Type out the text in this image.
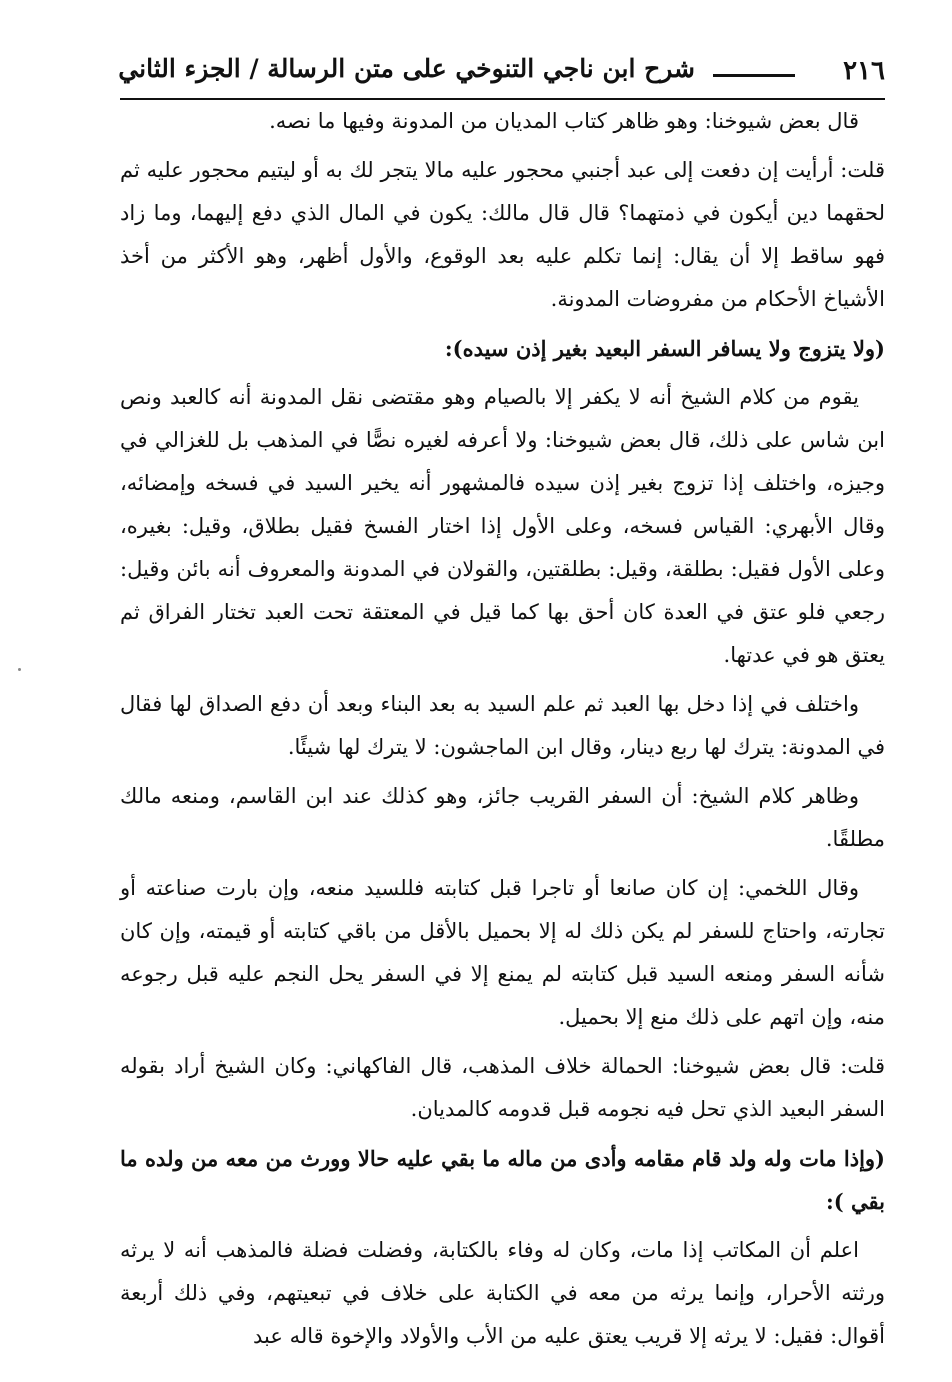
٢١٦
شرح ابن ناجي التنوخي على متن الرسالة / الجزء الثاني

قال بعض شيوخنا: وهو ظاهر كتاب المديان من المدونة وفيها ما نصه.

قلت: أرأيت إن دفعت إلى عبد أجنبي محجور عليه مالا يتجر لك به أو ليتيم محجور عليه ثم لحقهما دين أيكون في ذمتهما؟ قال قال مالك: يكون في المال الذي دفع إليهما، وما زاد فهو ساقط إلا أن يقال: إنما تكلم عليه بعد الوقوع، والأول أظهر، وهو الأكثر من أخذ الأشياخ الأحكام من مفروضات المدونة.

(ولا يتزوج ولا يسافر السفر البعيد بغير إذن سيده):

يقوم من كلام الشيخ أنه لا يكفر إلا بالصيام وهو مقتضى نقل المدونة أنه كالعبد ونص ابن شاس على ذلك، قال بعض شيوخنا: ولا أعرفه لغيره نصًّا في المذهب بل للغزالي في وجيزه، واختلف إذا تزوج بغير إذن سيده فالمشهور أنه يخير السيد في فسخه وإمضائه، وقال الأبهري: القياس فسخه، وعلى الأول إذا اختار الفسخ فقيل بطلاق، وقيل: بغيره، وعلى الأول فقيل: بطلقة، وقيل: بطلقتين، والقولان في المدونة والمعروف أنه بائن وقيل: رجعي فلو عتق في العدة كان أحق بها كما قيل في المعتقة تحت العبد تختار الفراق ثم يعتق هو في عدتها.

واختلف في إذا دخل بها العبد ثم علم السيد به بعد البناء وبعد أن دفع الصداق لها فقال في المدونة: يترك لها ربع دينار، وقال ابن الماجشون: لا يترك لها شيئًا.

وظاهر كلام الشيخ: أن السفر القريب جائز، وهو كذلك عند ابن القاسم، ومنعه مالك مطلقًا.

وقال اللخمي: إن كان صانعا أو تاجرا قبل كتابته فللسيد منعه، وإن بارت صناعته أو تجارته، واحتاج للسفر لم يكن ذلك له إلا بحميل بالأقل من باقي كتابته أو قيمته، وإن كان شأنه السفر ومنعه السيد قبل كتابته لم يمنع إلا في السفر يحل النجم عليه قبل رجوعه منه، وإن اتهم على ذلك منع إلا بحميل.

قلت: قال بعض شيوخنا: الحمالة خلاف المذهب، قال الفاكهاني: وكان الشيخ أراد بقوله السفر البعيد الذي تحل فيه نجومه قبل قدومه كالمديان.

(وإذا مات وله ولد قام مقامه وأدى من ماله ما بقي عليه حالا وورث من معه من ولده ما بقي ):

اعلم أن المكاتب إذا مات، وكان له وفاء بالكتابة، وفضلت فضلة فالمذهب أنه لا يرثه ورثته الأحرار، وإنما يرثه من معه في الكتابة على خلاف في تبعيتهم، وفي ذلك أربعة أقوال: فقيل: لا يرثه إلا قريب يعتق عليه من الأب والأولاد والإخوة قاله عبد
